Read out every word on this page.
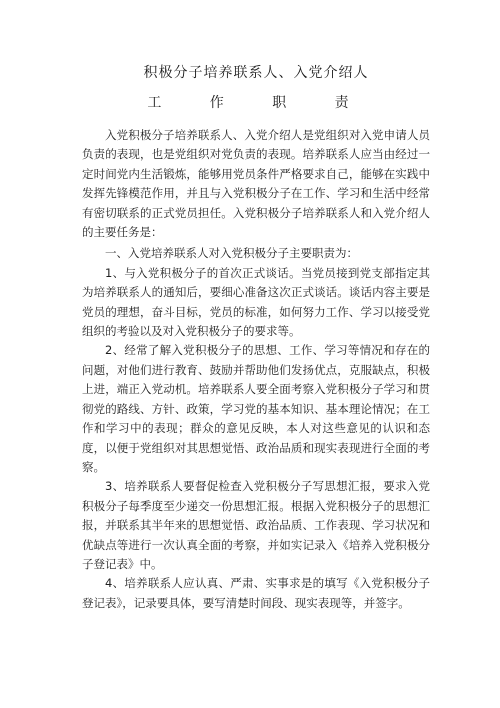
积极分子培养联系人、入党介绍人
工 作 职 责

入党积极分子培养联系人、入党介绍人是党组织对入党申请人员负责的表现，也是党组织对党负责的表现。培养联系人应当由经过一定时间党内生活锻炼，能够用党员条件严格要求自己，能够在实践中发挥先锋模范作用，并且与入党积极分子在工作、学习和生活中经常有密切联系的正式党员担任。入党积极分子培养联系人和入党介绍人的主要任务是：

一、入党培养联系人对入党积极分子主要职责为：

1、与入党积极分子的首次正式谈话。当党员接到党支部指定其为培养联系人的通知后，要细心准备这次正式谈话。谈话内容主要是党员的理想，奋斗目标，党员的标准，如何努力工作、学习以接受党组织的考验以及对入党积极分子的要求等。

2、经常了解入党积极分子的思想、工作、学习等情况和存在的问题，对他们进行教育、鼓励并帮助他们发扬优点，克服缺点，积极上进，端正入党动机。培养联系人要全面考察入党积极分子学习和贯彻党的路线、方针、政策，学习党的基本知识、基本理论情况；在工作和学习中的表现；群众的意见反映，本人对这些意见的认识和态度，以便于党组织对其思想觉悟、政治品质和现实表现进行全面的考察。

3、培养联系人要督促检查入党积极分子写思想汇报，要求入党积极分子每季度至少递交一份思想汇报。根据入党积极分子的思想汇报，并联系其半年来的思想觉悟、政治品质、工作表现、学习状况和优缺点等进行一次认真全面的考察，并如实记录入《培养入党积极分子登记表》中。

4、培养联系人应认真、严肃、实事求是的填写《入党积极分子登记表》，记录要具体，要写清楚时间段、现实表现等，并签字。
